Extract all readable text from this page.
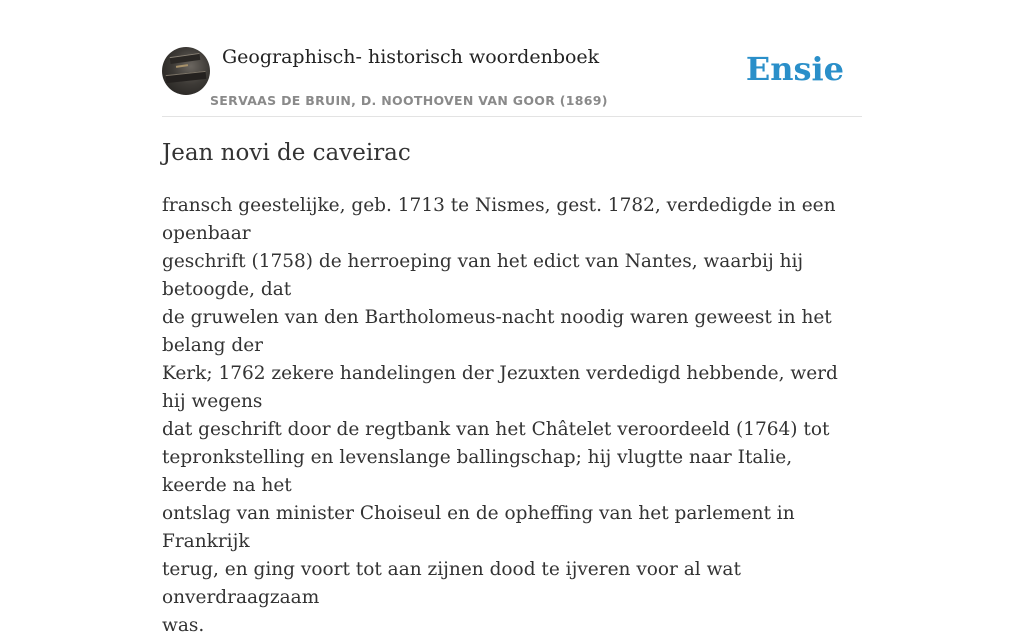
Geographisch- historisch woordenboek
SERVAAS DE BRUIN, D. NOOTHOVEN VAN GOOR (1869)
Ensie
Jean novi de caveirac

fransch geestelijke, geb. 1713 te Nismes, gest. 1782, verdedigde in een openbaar
geschrift (1758) de herroeping van het edict van Nantes, waarbij hij betoogde, dat
de gruwelen van den Bartholomeus-nacht noodig waren geweest in het belang der
Kerk; 1762 zekere handelingen der Jezuxten verdedigd hebbende, werd hij wegens
dat geschrift door de regtbank van het Châtelet veroordeeld (1764) tot
tepronkstelling en levenslange ballingschap; hij vlugtte naar Italie, keerde na het
ontslag van minister Choiseul en de opheffing van het parlement in Frankrijk
terug, en ging voort tot aan zijnen dood te ijveren voor al wat onverdraagzaam
was.
